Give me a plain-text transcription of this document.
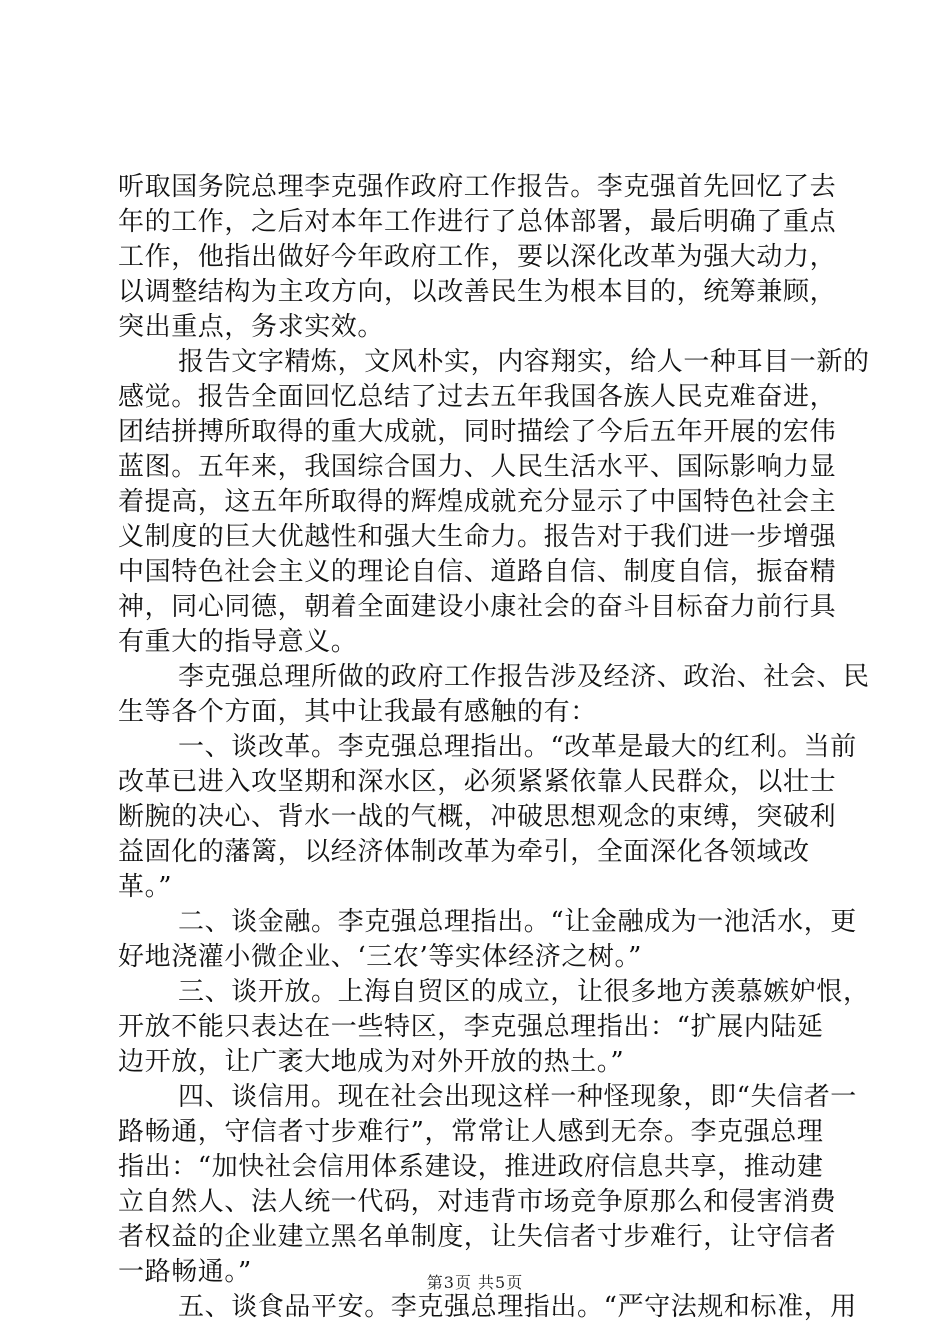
听取国务院总理李克强作政府工作报告。李克强首先回忆了去
年的工作，之后对本年工作进行了总体部署，最后明确了重点
工作，他指出做好今年政府工作，要以深化改革为强大动力，
以调整结构为主攻方向，以改善民生为根本目的，统筹兼顾，
突出重点，务求实效。
报告文字精炼，文风朴实，内容翔实，给人一种耳目一新的
感觉。报告全面回忆总结了过去五年我国各族人民克难奋进，
团结拼搏所取得的重大成就，同时描绘了今后五年开展的宏伟
蓝图。五年来，我国综合国力、人民生活水平、国际影响力显
着提高，这五年所取得的辉煌成就充分显示了中国特色社会主
义制度的巨大优越性和强大生命力。报告对于我们进一步增强
中国特色社会主义的理论自信、道路自信、制度自信，振奋精
神，同心同德，朝着全面建设小康社会的奋斗目标奋力前行具
有重大的指导意义。
李克强总理所做的政府工作报告涉及经济、政治、社会、民
生等各个方面，其中让我最有感触的有：
一、谈改革。李克强总理指出。“改革是最大的红利。当前
改革已进入攻坚期和深水区，必须紧紧依靠人民群众，以壮士
断腕的决心、背水一战的气概，冲破思想观念的束缚，突破利
益固化的藩篱，以经济体制改革为牵引，全面深化各领域改
革。”
二、谈金融。李克强总理指出。“让金融成为一池活水，更
好地浇灌小微企业、‘三农’等实体经济之树。”
三、谈开放。上海自贸区的成立，让很多地方羡慕嫉妒恨，
开放不能只表达在一些特区，李克强总理指出：“扩展内陆延
边开放，让广袤大地成为对外开放的热土。”
四、谈信用。现在社会出现这样一种怪现象，即“失信者一
路畅通，守信者寸步难行”，常常让人感到无奈。李克强总理
指出：“加快社会信用体系建设，推进政府信息共享，推动建
立自然人、法人统一代码，对违背市场竞争原那么和侵害消费
者权益的企业建立黑名单制度，让失信者寸步难行，让守信者
一路畅通。”
五、谈食品平安。李克强总理指出。“严守法规和标准，用
第3页 共5页
